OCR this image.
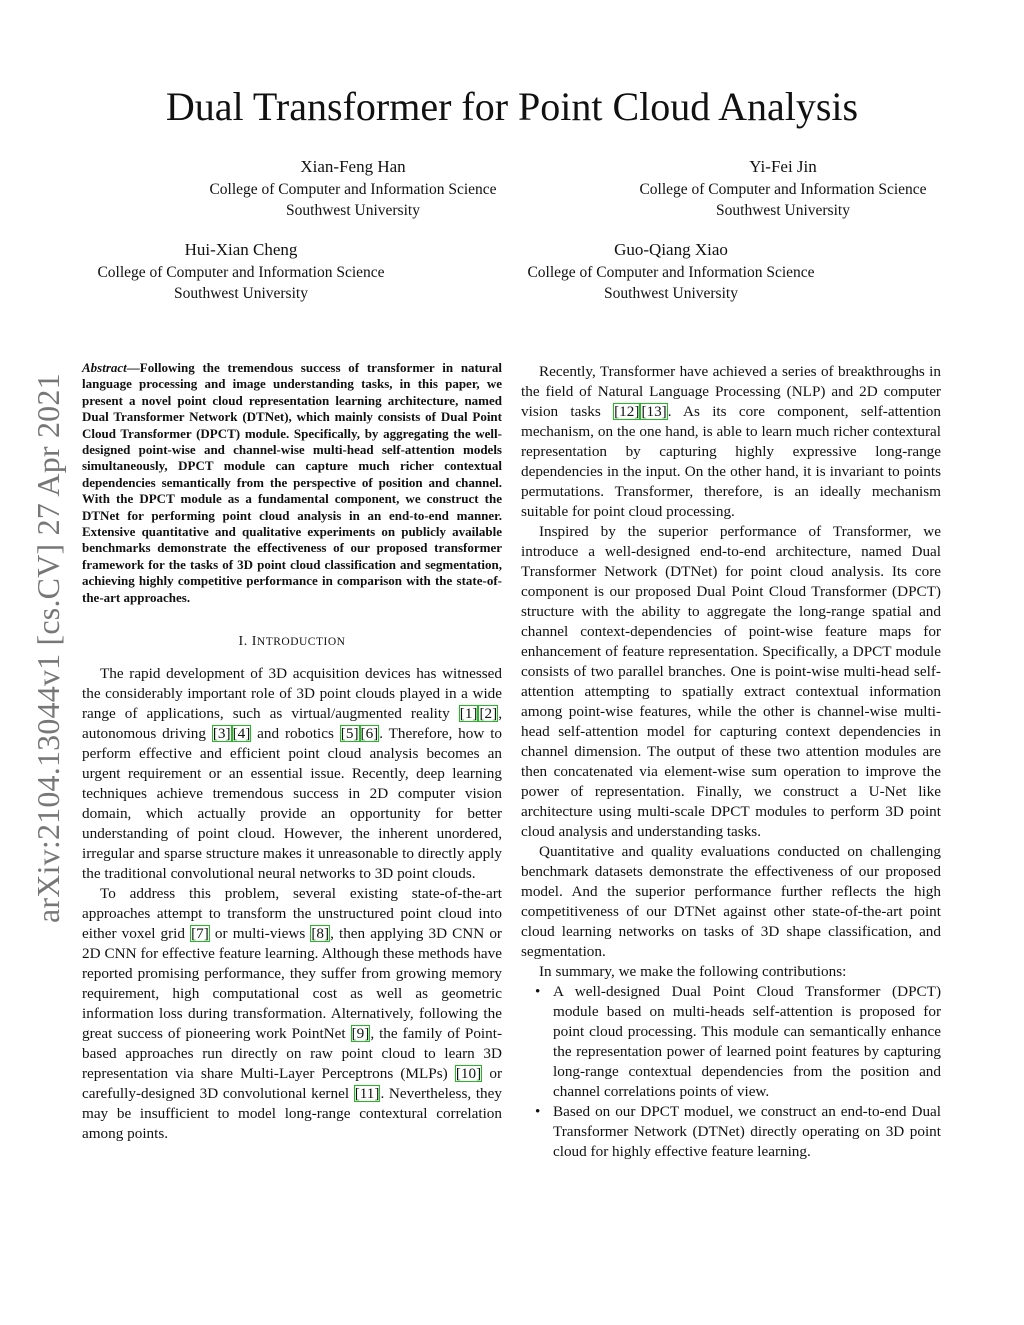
arXiv:2104.13044v1 [cs.CV] 27 Apr 2021
Dual Transformer for Point Cloud Analysis
Xian-Feng Han
College of Computer and Information Science
Southwest University
Yi-Fei Jin
College of Computer and Information Science
Southwest University
Hui-Xian Cheng
College of Computer and Information Science
Southwest University
Guo-Qiang Xiao
College of Computer and Information Science
Southwest University
Abstract—Following the tremendous success of transformer in natural language processing and image understanding tasks, in this paper, we present a novel point cloud representation learning architecture, named Dual Transformer Network (DTNet), which mainly consists of Dual Point Cloud Transformer (DPCT) module. Specifically, by aggregating the well-designed point-wise and channel-wise multi-head self-attention models simultaneously, DPCT module can capture much richer contextual dependencies semantically from the perspective of position and channel. With the DPCT module as a fundamental component, we construct the DTNet for performing point cloud analysis in an end-to-end manner. Extensive quantitative and qualitative experiments on publicly available benchmarks demonstrate the effectiveness of our proposed transformer framework for the tasks of 3D point cloud classification and segmentation, achieving highly competitive performance in comparison with the state-of-the-art approaches.
I. INTRODUCTION

The rapid development of 3D acquisition devices has witnessed the considerably important role of 3D point clouds played in a wide range of applications, such as virtual/augmented reality [1] [2], autonomous driving [3] [4] and robotics [5] [6]. Therefore, how to perform effective and efficient point cloud analysis becomes an urgent requirement or an essential issue. Recently, deep learning techniques achieve tremendous success in 2D computer vision domain, which actually provide an opportunity for better understanding of point cloud. However, the inherent unordered, irregular and sparse structure makes it unreasonable to directly apply the traditional convolutional neural networks to 3D point clouds.

To address this problem, several existing state-of-the-art approaches attempt to transform the unstructured point cloud into either voxel grid [7] or multi-views [8], then applying 3D CNN or 2D CNN for effective feature learning. Although these methods have reported promising performance, they suffer from growing memory requirement, high computational cost as well as geometric information loss during transformation. Alternatively, following the great success of pioneering work PointNet [9], the family of Point-based approaches run directly on raw point cloud to learn 3D representation via share Multi-Layer Perceptrons (MLPs) [10] or carefully-designed 3D convolutional kernel [11]. Nevertheless, they may be insufficient to model long-range contextural correlation among points.

Recently, Transformer have achieved a series of breakthroughs in the field of Natural Language Processing (NLP) and 2D computer vision tasks [12] [13]. As its core component, self-attention mechanism, on the one hand, is able to learn much richer contextural representation by capturing highly expressive long-range dependencies in the input. On the other hand, it is invariant to points permutations. Transformer, therefore, is an ideally mechanism suitable for point cloud processing.

Inspired by the superior performance of Transformer, we introduce a well-designed end-to-end architecture, named Dual Transformer Network (DTNet) for point cloud analysis. Its core component is our proposed Dual Point Cloud Transformer (DPCT) structure with the ability to aggregate the long-range spatial and channel context-dependencies of point-wise feature maps for enhancement of feature representation. Specifically, a DPCT module consists of two parallel branches. One is point-wise multi-head self-attention attempting to spatially extract contextual information among point-wise features, while the other is channel-wise multi-head self-attention model for capturing context dependencies in channel dimension. The output of these two attention modules are then concatenated via element-wise sum operation to improve the power of representation. Finally, we construct a U-Net like architecture using multi-scale DPCT modules to perform 3D point cloud analysis and understanding tasks.

Quantitative and quality evaluations conducted on challenging benchmark datasets demonstrate the effectiveness of our proposed model. And the superior performance further reflects the high competitiveness of our DTNet against other state-of-the-art point cloud learning networks on tasks of 3D shape classification, and segmentation.

In summary, we make the following contributions:

• A well-designed Dual Point Cloud Transformer (DPCT) module based on multi-heads self-attention is proposed for point cloud processing. This module can semantically enhance the representation power of learned point features by capturing long-range contextual dependencies from the position and channel correlations points of view.
• Based on our DPCT moduel, we construct an end-to-end Dual Transformer Network (DTNet) directly operating on 3D point cloud for highly effective feature learning.
